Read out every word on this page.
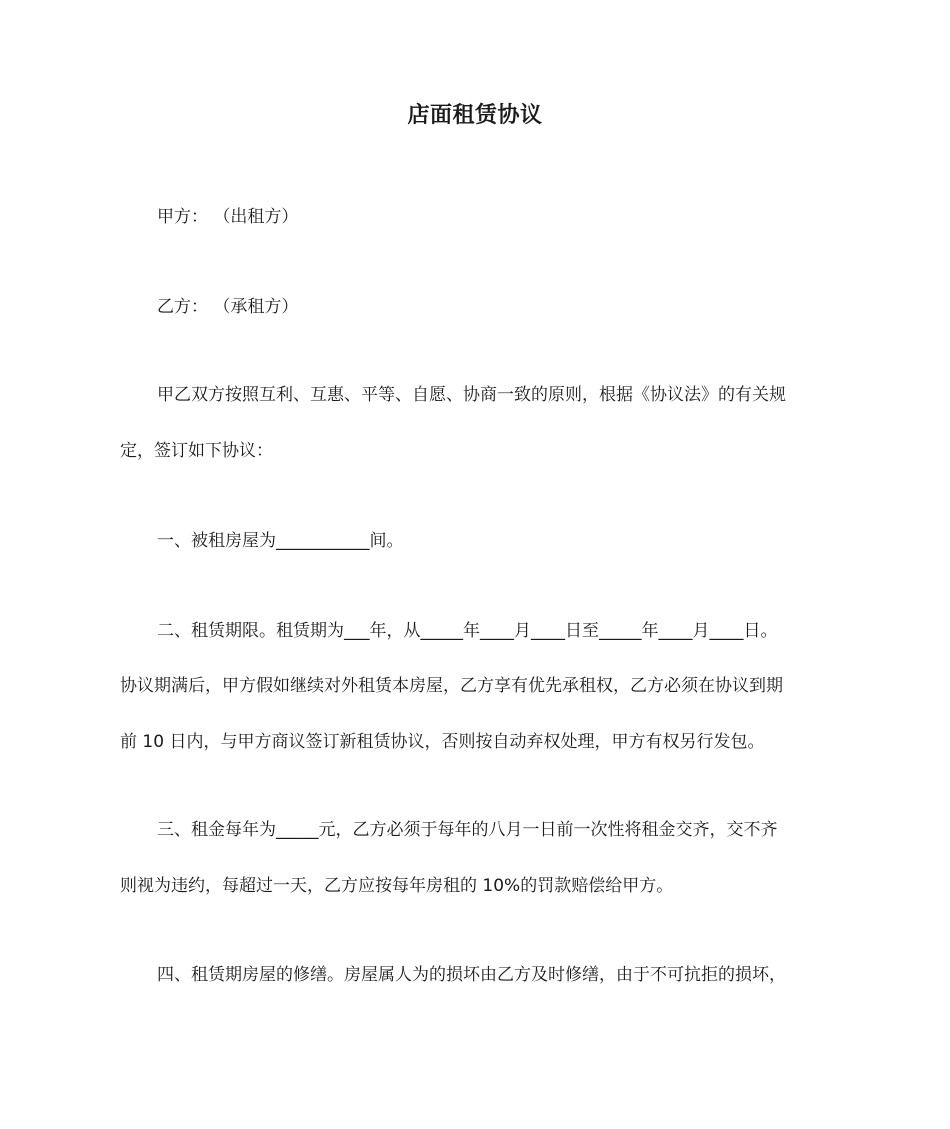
店面租赁协议
甲方： （出租方）
乙方： （承租方）
甲乙双方按照互利、互惠、平等、自愿、协商一致的原则，根据《协议法》的有关规
定，签订如下协议：
一、被租房屋为___________间。
二、租赁期限。租赁期为___年，从_____年____月____日至_____年____月____日。
协议期满后，甲方假如继续对外租赁本房屋，乙方享有优先承租权，乙方必须在协议到期
前 10 日内，与甲方商议签订新租赁协议，否则按自动弃权处理，甲方有权另行发包。
三、租金每年为_____元，乙方必须于每年的八月一日前一次性将租金交齐，交不齐
则视为违约，每超过一天，乙方应按每年房租的 10%的罚款赔偿给甲方。
四、租赁期房屋的修缮。房屋属人为的损坏由乙方及时修缮，由于不可抗拒的损坏，
